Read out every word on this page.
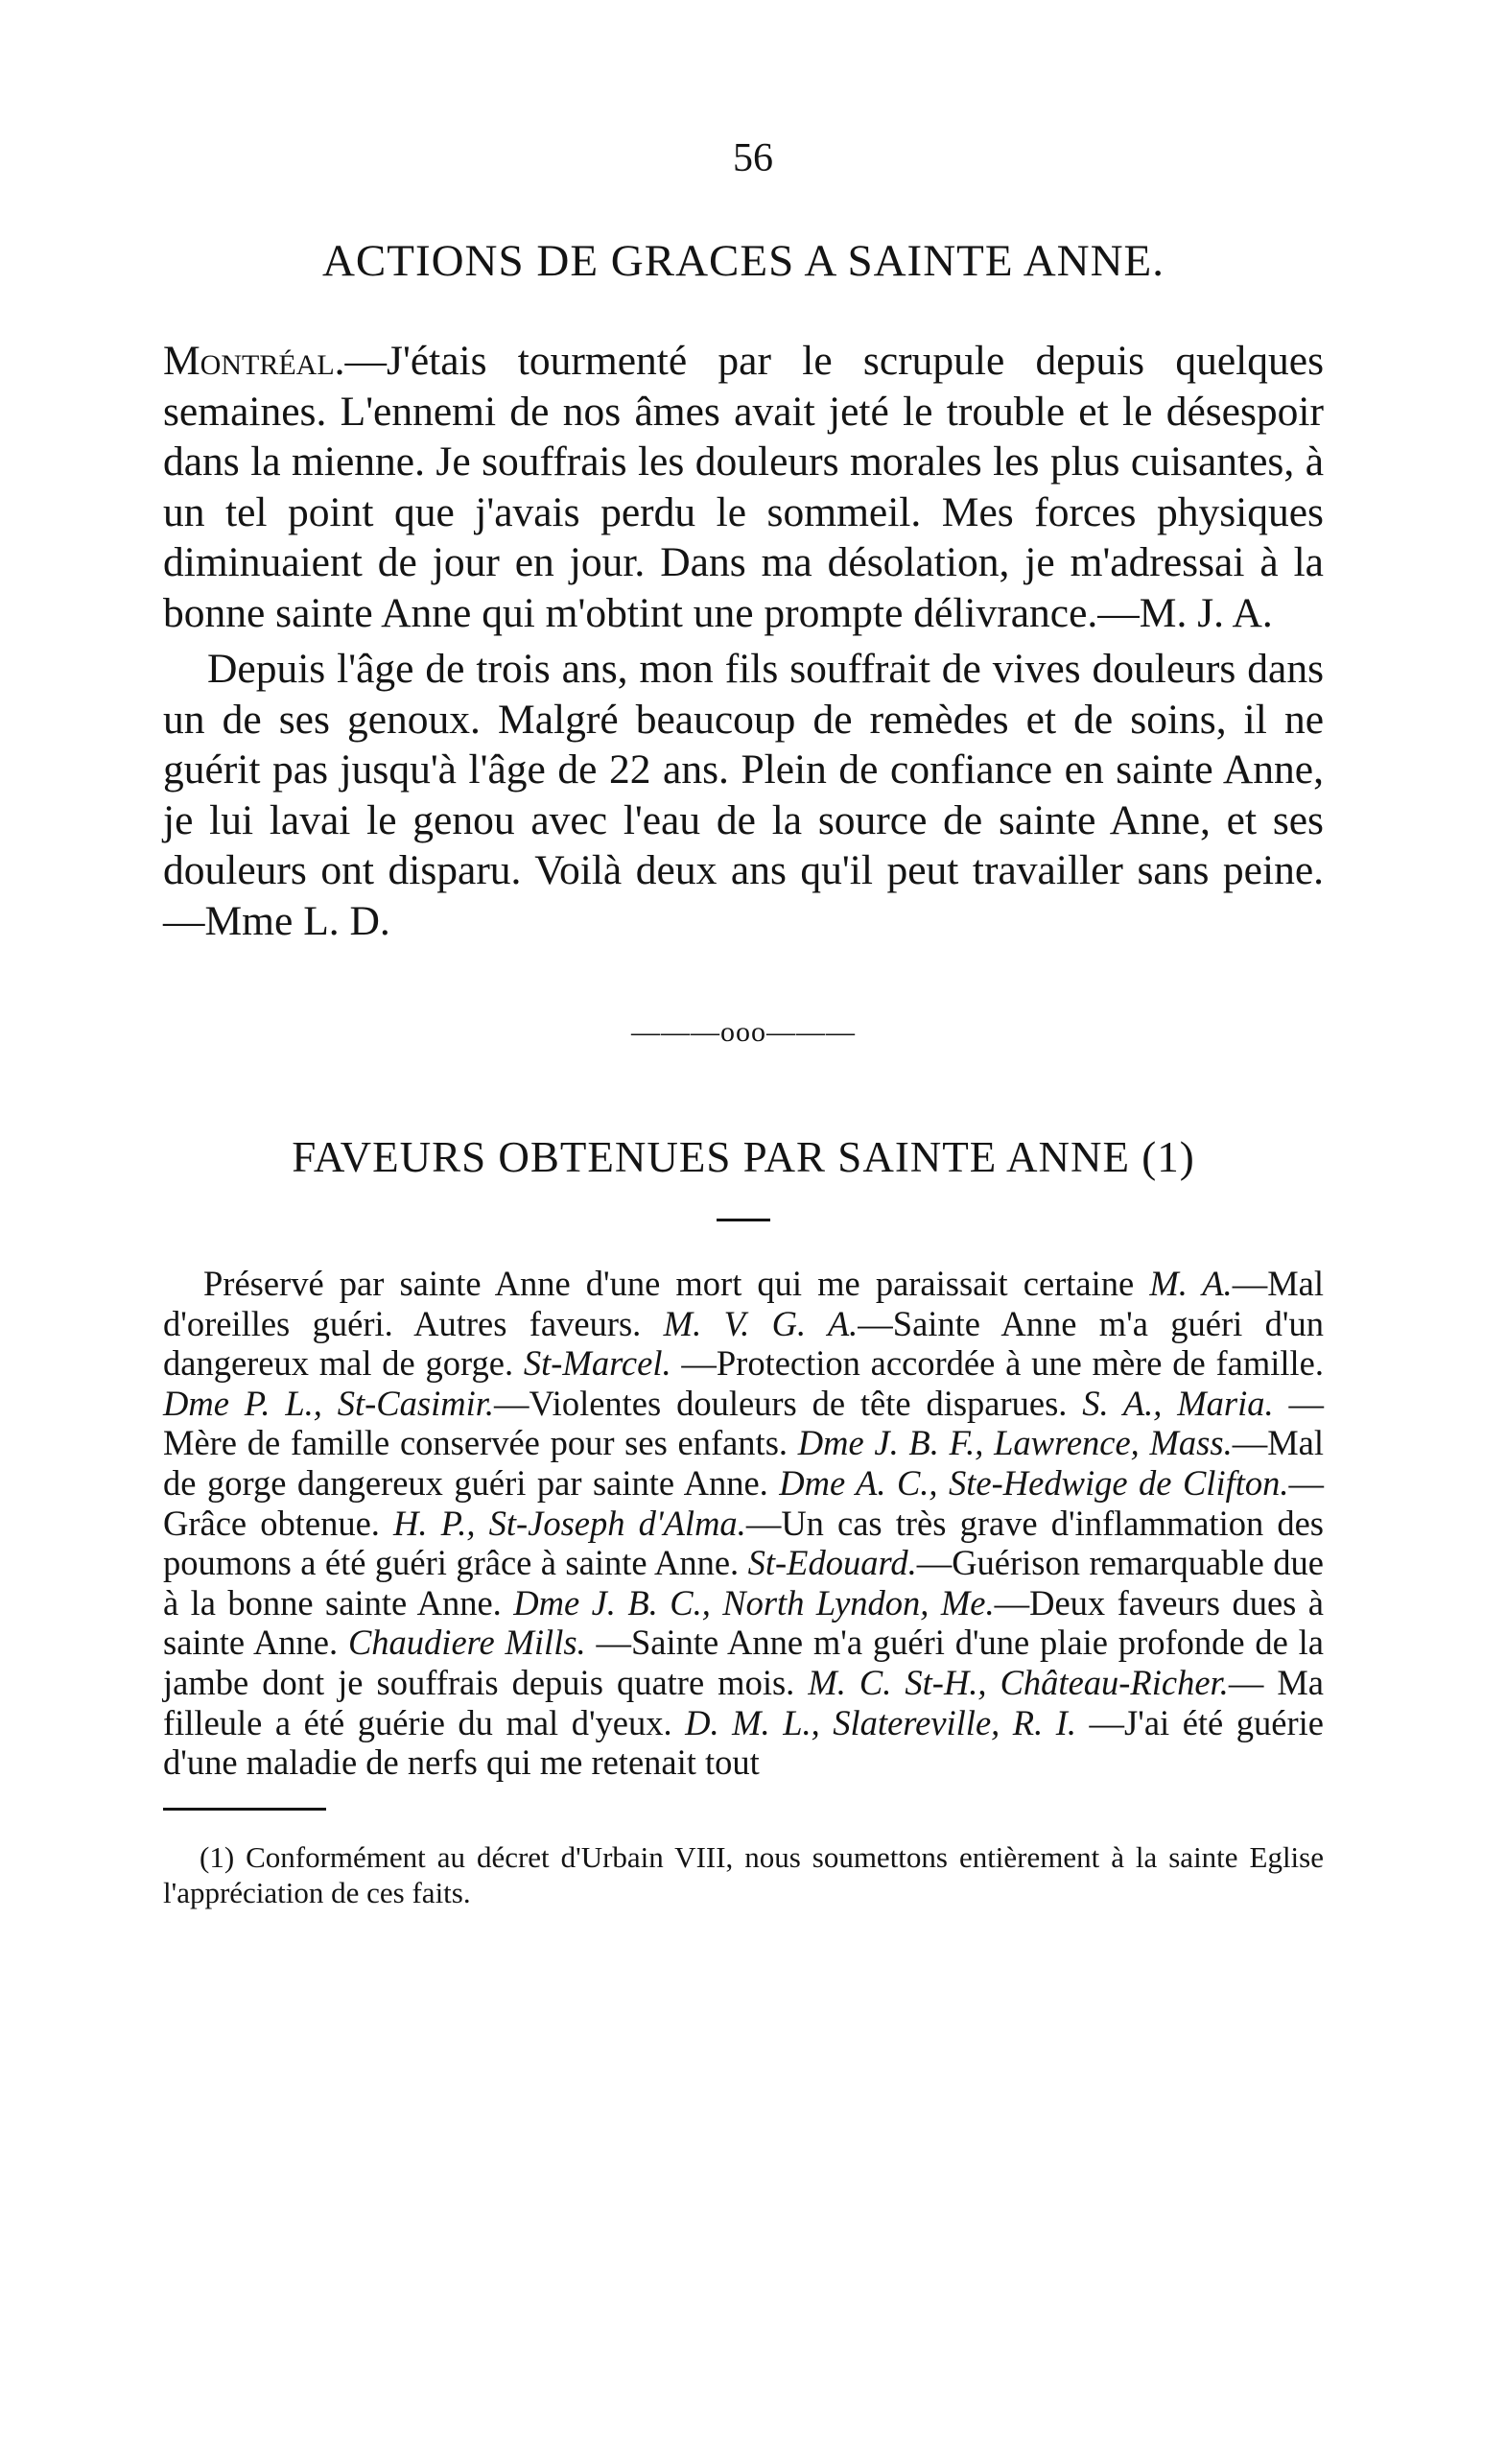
56
ACTIONS DE GRACES A SAINTE ANNE.

Montréal.—J'étais tourmenté par le scrupule depuis quelques semaines. L'ennemi de nos âmes avait jeté le trouble et le désespoir dans la mienne. Je souffrais les douleurs morales les plus cuisantes, à un tel point que j'avais perdu le sommeil. Mes forces physiques diminuaient de jour en jour. Dans ma désolation, je m'adressai à la bonne sainte Anne qui m'obtint une prompte délivrance.—M. J. A.

Depuis l'âge de trois ans, mon fils souffrait de vives douleurs dans un de ses genoux. Malgré beaucoup de remèdes et de soins, il ne guérit pas jusqu'à l'âge de 22 ans. Plein de confiance en sainte Anne, je lui lavai le genou avec l'eau de la source de sainte Anne, et ses douleurs ont disparu. Voilà deux ans qu'il peut travailler sans peine.—Mme L. D.

———ooo———
FAVEURS OBTENUES PAR SAINTE ANNE (1)

Préservé par sainte Anne d'une mort qui me paraissait certaine M. A.—Mal d'oreilles guéri. Autres faveurs. M. V. G. A.—Sainte Anne m'a guéri d'un dangereux mal de gorge. St-Marcel. —Protection accordée à une mère de famille. Dme P. L., St-Casimir.—Violentes douleurs de tête disparues. S. A., Maria. —Mère de famille conservée pour ses enfants. Dme J. B. F., Lawrence, Mass.—Mal de gorge dangereux guéri par sainte Anne. Dme A. C., Ste-Hedwige de Clifton.—Grâce obtenue. H. P., St-Joseph d'Alma.—Un cas très grave d'inflammation des poumons a été guéri grâce à sainte Anne. St-Edouard.—Guérison remarquable due à la bonne sainte Anne. Dme J. B. C., North Lyndon, Me.—Deux faveurs dues à sainte Anne. Chaudiere Mills. —Sainte Anne m'a guéri d'une plaie profonde de la jambe dont je souffrais depuis quatre mois. M. C. St-H., Château-Richer.— Ma filleule a été guérie du mal d'yeux. D. M. L., Slatereville, R. I. —J'ai été guérie d'une maladie de nerfs qui me retenait tout

(1) Conformément au décret d'Urbain VIII, nous soumettons entièrement à la sainte Eglise l'appréciation de ces faits.
